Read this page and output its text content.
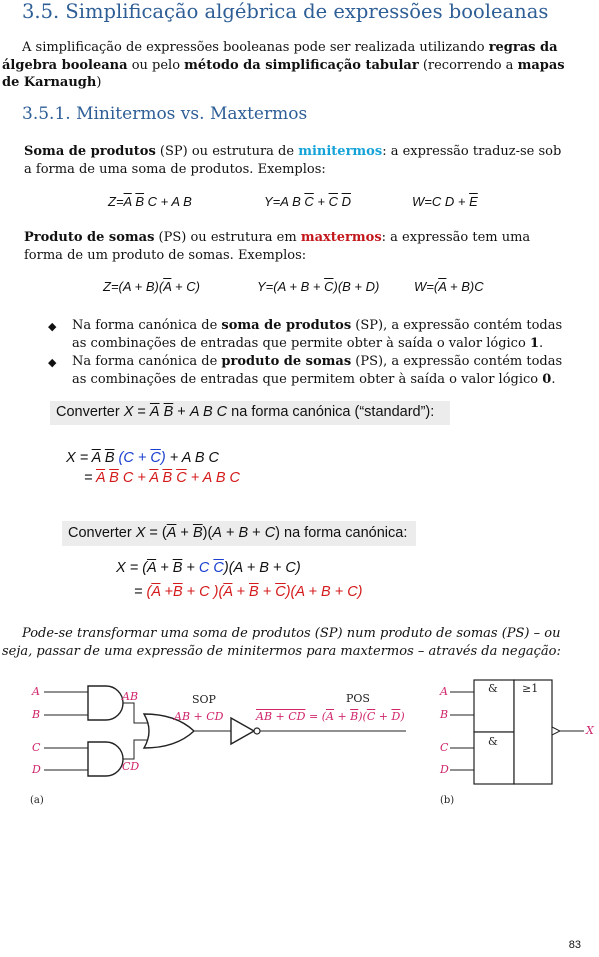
3.5. Simplificação algébrica de expressões booleanas
A simplificação de expressões booleanas pode ser realizada utilizando regras da álgebra booleana ou pelo método da simplificação tabular (recorrendo a mapas de Karnaugh)
3.5.1. Minitermos vs. Maxtermos
Soma de produtos (SP) ou estrutura de minitermos: a expressão traduz-se sob a forma de uma soma de produtos. Exemplos:
$Z=\overline{A}$ $\overline{B}$ C + A B	Y=A B $\overline{C} + \overline{C}$ $\overline{D}$	W=C $D + \overline{E}$
Produto de somas (PS) ou estrutura em maxtermos: a expressão tem uma forma de um produto de somas. Exemplos:
$Z=(A + B)(\overline{A} + C)$	$Y=(A + B + \overline{C})(B + D)$	$W=(\overline{A} + B)C$
◆ Na forma canónica de soma de produtos (SP), a expressão contém todas as combinações de entradas que permite obter à saída o valor lógico 1.
◆ Na forma canónica de produto de somas (PS), a expressão contém todas as combinações de entradas que permitem obter à saída o valor lógico 0.
Converter $X = \overline{A}$ $\overline{B} + A$ B C na forma canónica (“standard”):
$X = \overline{A}$ $\overline{B}$ $(C + \overline{C}) + A$ B C
= $\overline{A}$ $\overline{B}$ $C + \overline{A}$ $\overline{B}$ $\overline{C} + A$ B C
Converter $X = (\overline{A} + \overline{B})(A + B + C)$ na forma canónica:
$X = (\overline{A} + \overline{B} + C$ $\overline{C})(A + B + C)$
= ($\overline{A} +\overline{B} + C$ )$(\overline{A} + \overline{B} + \overline{C})(A + B + C)$
Pode-se transformar uma soma de produtos (SP) num produto de somas (PS) – ou seja, passar de uma expressão de minitermos para maxtermos – através da negação:
A
B
C
D
AB
CD
SOP
AB + CD
POS
AB + CD = $(\overline{A} + \overline{B})(\overline{C} + \overline{D})$
(a)
A
B
C
D
&
&
≥1
X
(b)
83
